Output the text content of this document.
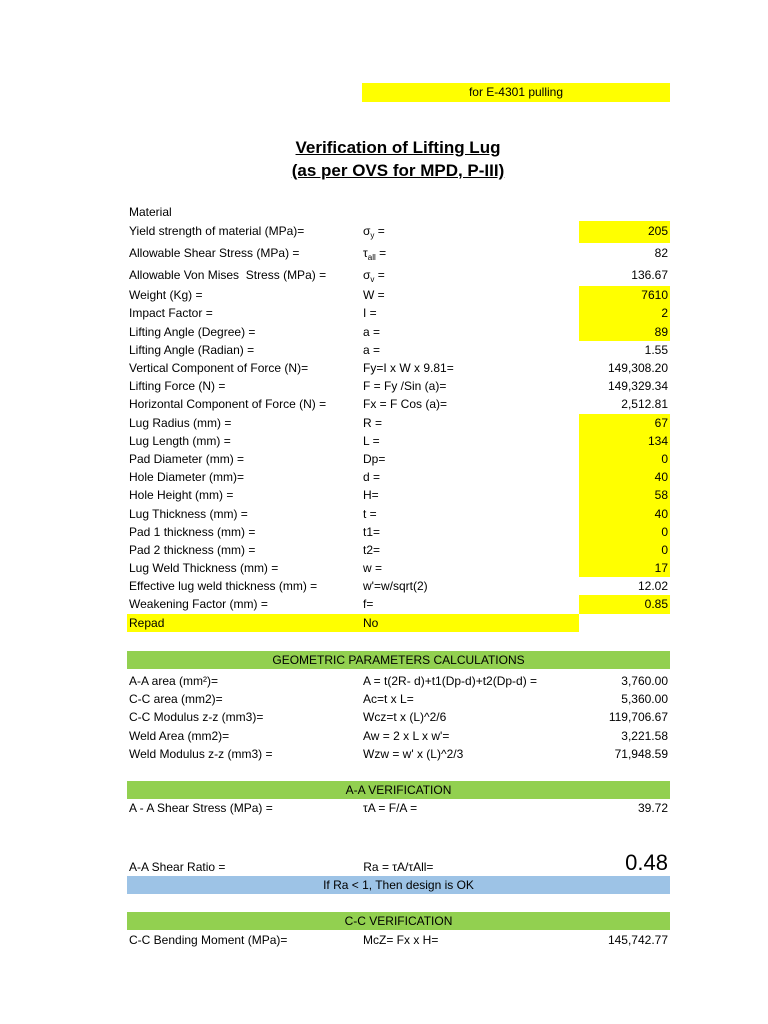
for E-4301 pulling
Verification of Lifting Lug
(as per OVS for MPD, P-III)
Material
Yield strength of material (MPa)=	$\sigma_y$ =	205
Allowable Shear Stress (MPa) =	$\tau_{all}$ =	82
Allowable Von Mises  Stress (MPa) =	$\sigma_v$ =	136.67
Weight (Kg) =	W =	7610
Impact Factor =	I =	2
Lifting Angle (Degree) =	a =	89
Lifting Angle (Radian) =	a =	1.55
Vertical Component of Force (N)=	Fy=I x W x 9.81=	149,308.20
Lifting Force (N) =	F = Fy /Sin (a)=	149,329.34
Horizontal Component of Force (N) =	Fx = F Cos (a)=	2,512.81
Lug Radius (mm) =	R =	67
Lug Length (mm) =	L =	134
Pad Diameter (mm) =	Dp=	0
Hole Diameter (mm)=	d =	40
Hole Height (mm) =	H=	58
Lug Thickness (mm) =	t =	40
Pad 1 thickness (mm) =	t1=	0
Pad 2 thickness (mm) =	t2=	0
Lug Weld Thickness (mm) =	w =	17
Effective lug weld thickness (mm) =	w'=w/sqrt(2)	12.02
Weakening Factor (mm) =	f=	0.85
Repad	No
GEOMETRIC PARAMETERS CALCULATIONS
A-A area (mm²)=	A = t(2R- d)+t1(Dp-d)+t2(Dp-d) =	3,760.00
C-C area (mm2)=	Ac=t x L=	5,360.00
C-C Modulus z-z (mm3)=	Wcz=t x (L)^2/6	119,706.67
Weld Area (mm2)=	Aw = 2 x L x w'=	3,221.58
Weld Modulus z-z (mm3) =	Wzw = w' x (L)^2/3	71,948.59
A-A VERIFICATION
A - A Shear Stress (MPa) =	τA = F/A =	39.72
A-A Shear Ratio =	Ra = τA/τAll=	0.48
If Ra < 1, Then design is OK
C-C VERIFICATION
C-C Bending Moment (MPa)=	McZ= Fx x H=	145,742.77
